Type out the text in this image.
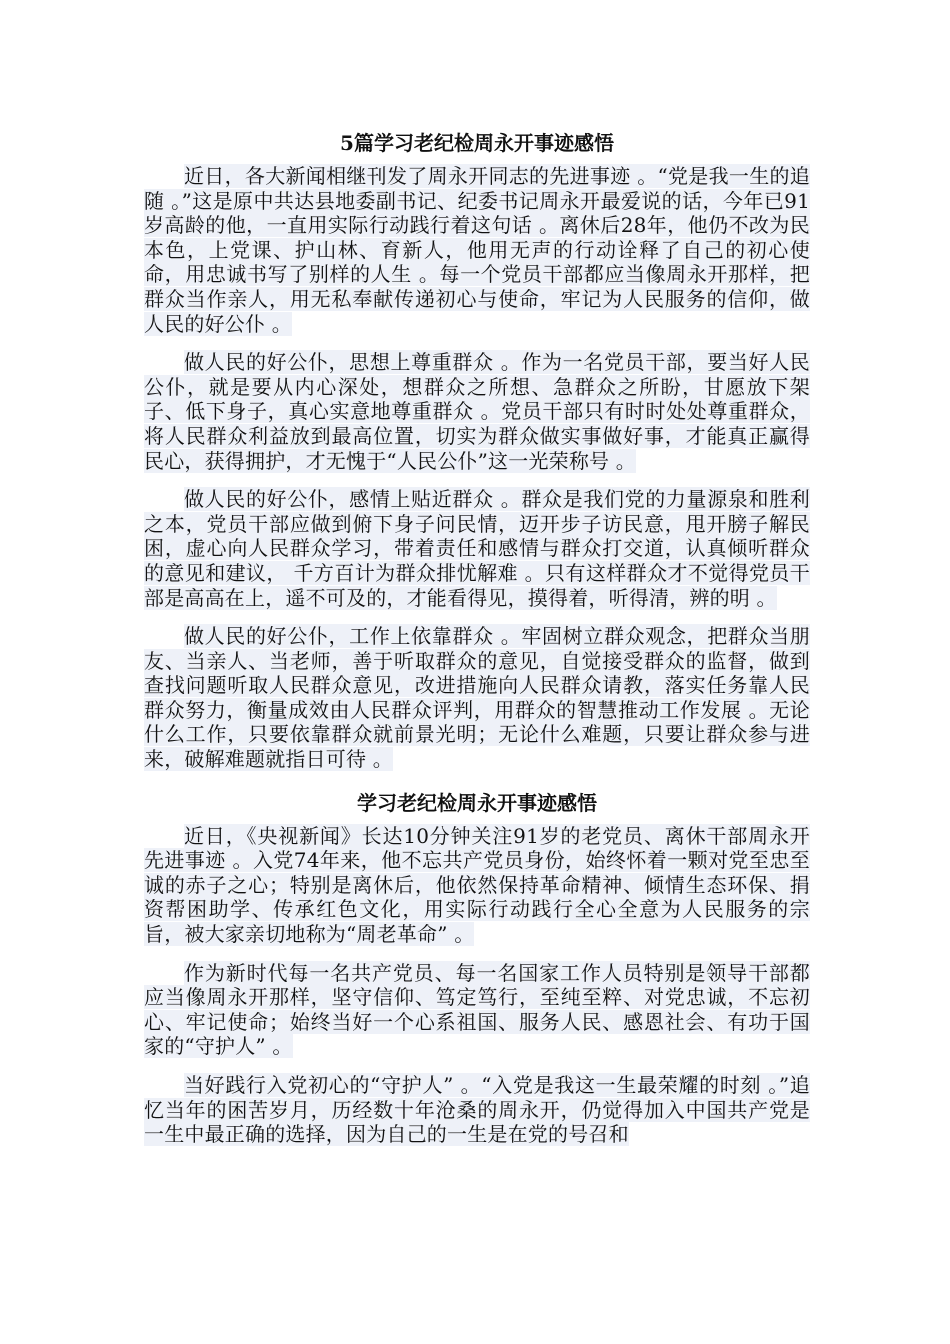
5篇学习老纪检周永开事迹感悟

近日，各大新闻相继刊发了周永开同志的先进事迹 。“党是我一生的追随 。”这是原中共达县地委副书记、纪委书记周永开最爱说的话，今年已91岁高龄的他，一直用实际行动践行着这句话 。离休后28年，他仍不改为民本色，上党课、护山林、育新人，他用无声的行动诠释了自己的初心使命，用忠诚书写了别样的人生 。每一个党员干部都应当像周永开那样，把群众当作亲人，用无私奉献传递初心与使命，牢记为人民服务的信仰，做人民的好公仆 。

做人民的好公仆，思想上尊重群众 。作为一名党员干部，要当好人民公仆，就是要从内心深处，想群众之所想、急群众之所盼，甘愿放下架子、低下身子，真心实意地尊重群众 。党员干部只有时时处处尊重群众，将人民群众利益放到最高位置，切实为群众做实事做好事，才能真正赢得民心，获得拥护，才无愧于“人民公仆”这一光荣称号 。

做人民的好公仆，感情上贴近群众 。群众是我们党的力量源泉和胜利之本，党员干部应做到俯下身子问民情，迈开步子访民意，甩开膀子解民困，虚心向人民群众学习，带着责任和感情与群众打交道，认真倾听群众的意见和建议， 千方百计为群众排忧解难 。只有这样群众才不觉得党员干部是高高在上，遥不可及的，才能看得见，摸得着，听得清，辨的明 。

做人民的好公仆，工作上依靠群众 。牢固树立群众观念，把群众当朋友、当亲人、当老师，善于听取群众的意见，自觉接受群众的监督，做到查找问题听取人民群众意见，改进措施向人民群众请教，落实任务靠人民群众努力，衡量成效由人民群众评判，用群众的智慧推动工作发展 。无论什么工作，只要依靠群众就前景光明；无论什么难题，只要让群众参与进来，破解难题就指日可待 。

学习老纪检周永开事迹感悟

近日，《央视新闻》长达10分钟关注91岁的老党员、离休干部周永开先进事迹 。入党74年来，他不忘共产党员身份，始终怀着一颗对党至忠至诚的赤子之心；特别是离休后，他依然保持革命精神、倾情生态环保、捐资帮困助学、传承红色文化，用实际行动践行全心全意为人民服务的宗旨，被大家亲切地称为“周老革命” 。

作为新时代每一名共产党员、每一名国家工作人员特别是领导干部都应当像周永开那样，坚守信仰、笃定笃行，至纯至粹、对党忠诚，不忘初心、牢记使命；始终当好一个心系祖国、服务人民、感恩社会、有功于国家的“守护人” 。

当好践行入党初心的“守护人” 。“入党是我这一生最荣耀的时刻 。”追忆当年的困苦岁月，历经数十年沧桑的周永开，仍觉得加入中国共产党是一生中最正确的选择，因为自己的一生是在党的号召和
